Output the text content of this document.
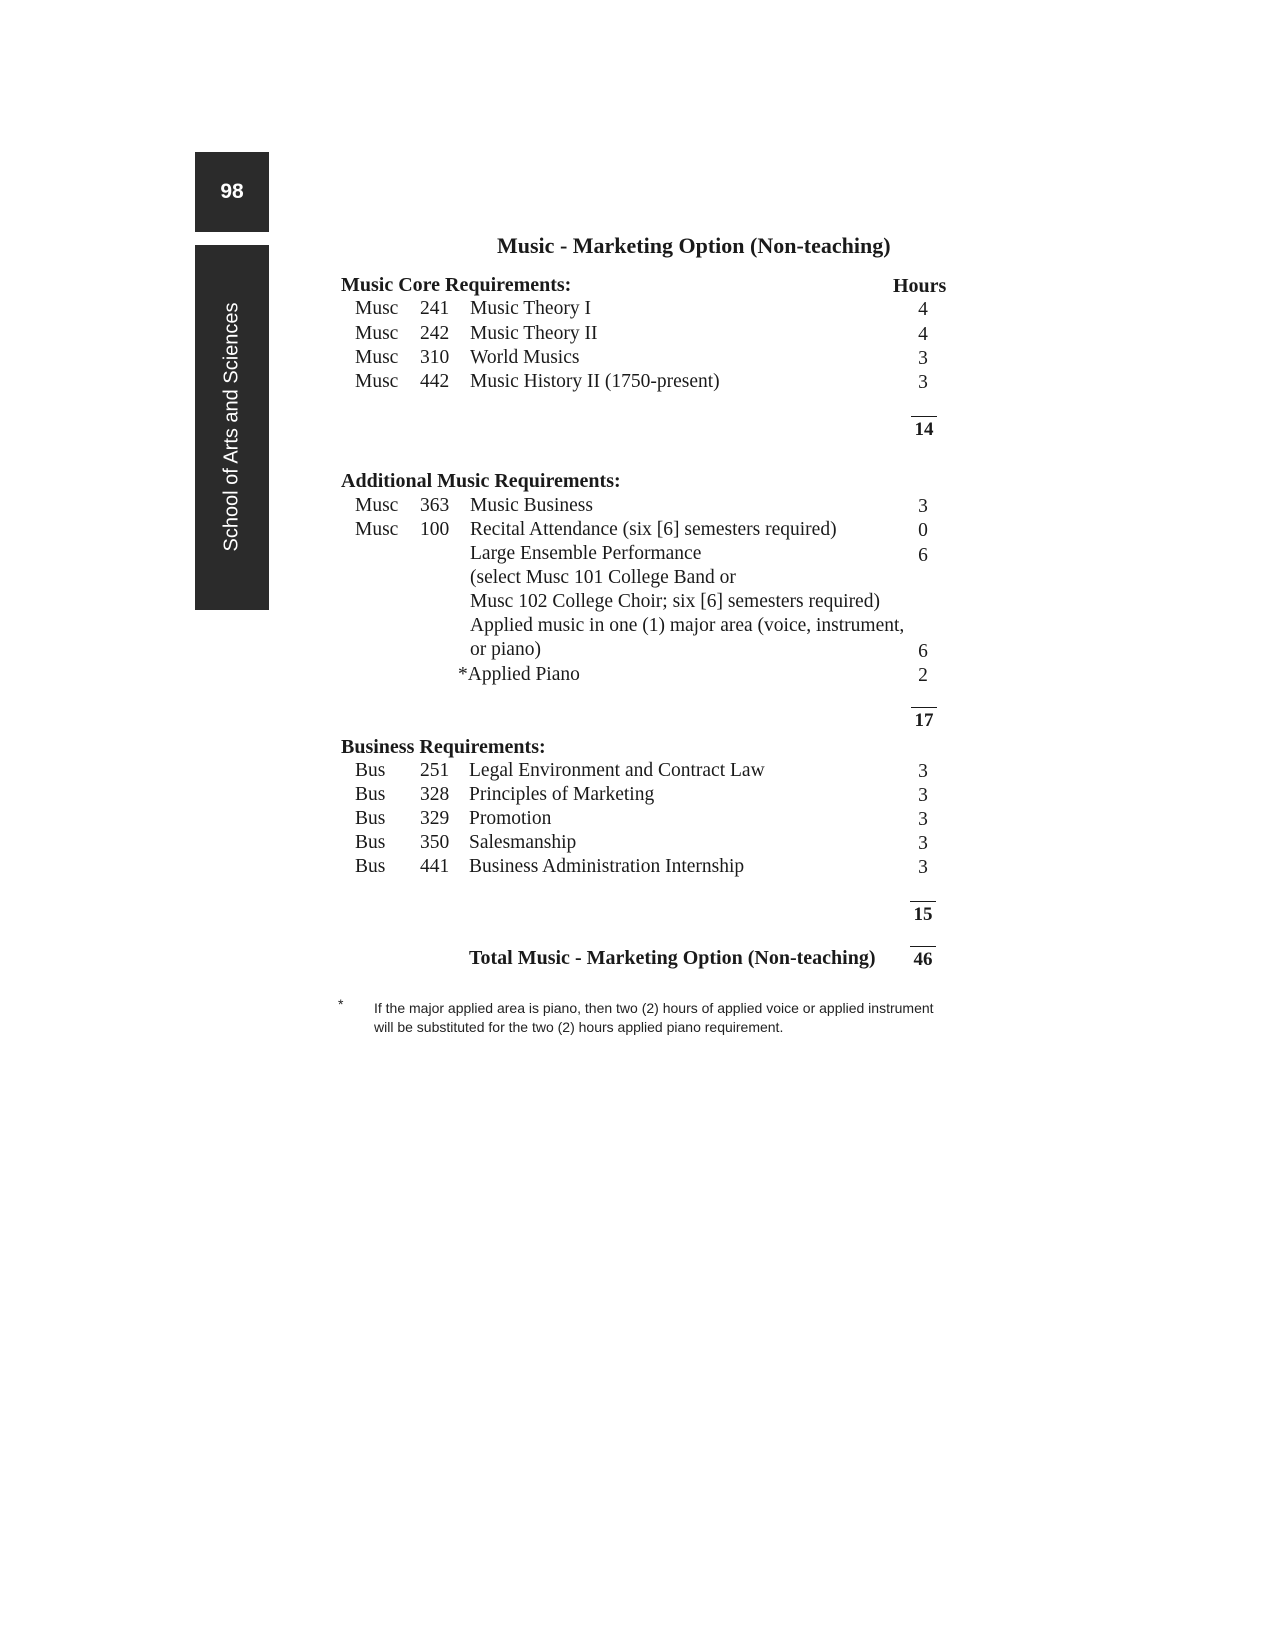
98
School of Arts and Sciences
Music - Marketing Option (Non-teaching)
Music Core Requirements:	Hours
Musc 241 Music Theory I	4
Musc 242 Music Theory II	4
Musc 310 World Musics	3
Musc 442 Music History II (1750-present)	3
14
Additional Music Requirements:
Musc 363 Music Business	3
Musc 100 Recital Attendance (six [6] semesters required)	0
Large Ensemble Performance	6
(select Musc 101 College Band or
Musc 102 College Choir; six [6] semesters required)
Applied music in one (1) major area (voice, instrument,
or piano)	6
*Applied Piano	2
17
Business Requirements:
Bus 251 Legal Environment and Contract Law	3
Bus 328 Principles of Marketing	3
Bus 329 Promotion	3
Bus 350 Salesmanship	3
Bus 441 Business Administration Internship	3
15
Total Music - Marketing Option (Non-teaching) 46
* If the major applied area is piano, then two (2) hours of applied voice or applied instrument
will be substituted for the two (2) hours applied piano requirement.
